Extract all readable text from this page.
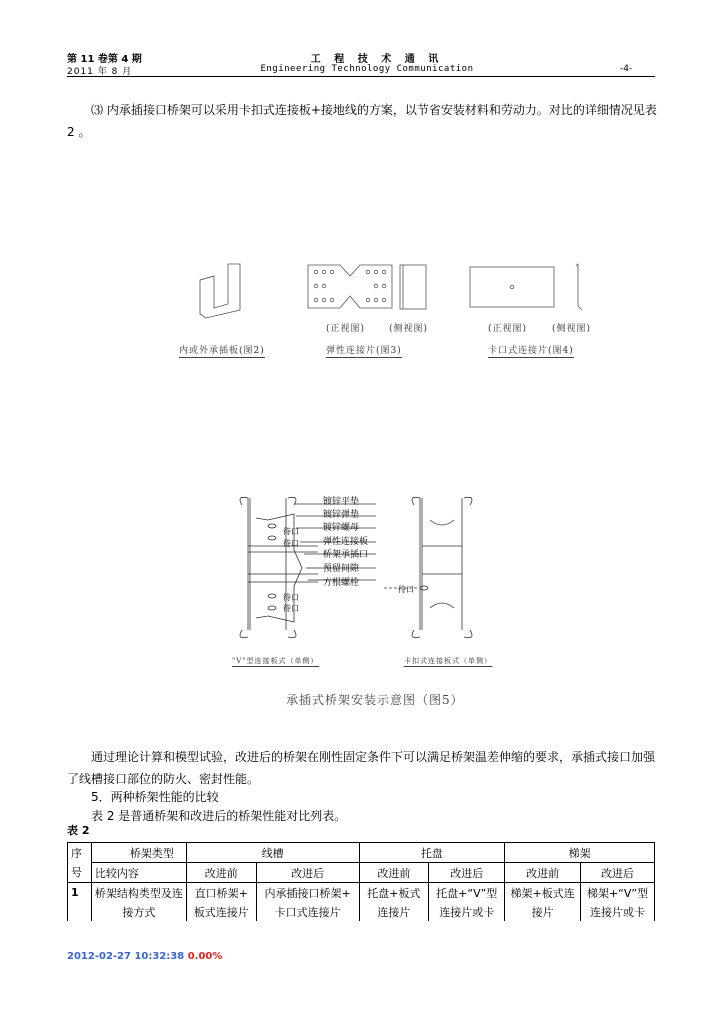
第 11 卷第 4 期
2011 年 8 月
工 程 技 术 通 讯
Engineering Technology Communication	-4-
⑶ 内承插接口桥架可以采用卡扣式连接板+接地线的方案，以节省安装材料和劳动力。对比的详细情况见表 2 。
(正视图)	(侧视图)	(正视图)	(侧视图)
内或外承插板(图2)	弹性连接片(图3)	卡口式连接片(图4)
镀锌平垫
镀锌弹垫
镀锌螺母
弹性连接板
桥架承插口
预留间隙
方根螺栓
待口
待口
待口
待口
待口
"V"型连接板式（单侧）	卡扣式连接板式（单侧）
承插式桥架安装示意图（图5）
通过理论计算和模型试验，改进后的桥架在刚性固定条件下可以满足桥架温差伸缩的要求，承插式接口加强了线槽接口部位的防火、密封性能。
5．两种桥架性能的比较
表 2 是普通桥架和改进后的桥架性能对比列表。
表 2
序	桥架类型	线槽		托盘		梯架	
号	比较内容	改进前	改进后	改进前	改进后	改进前	改进后
1	桥架结构类型及连	直口桥架+	内承插接口桥架+	托盘+板式	托盘+“V”型	梯架+板式连	梯架+“V”型
	接方式	板式连接片	卡口式连接片	连接片	连接片或卡	接片	连接片或卡
2012-02-27 10:32:38 0.00%
